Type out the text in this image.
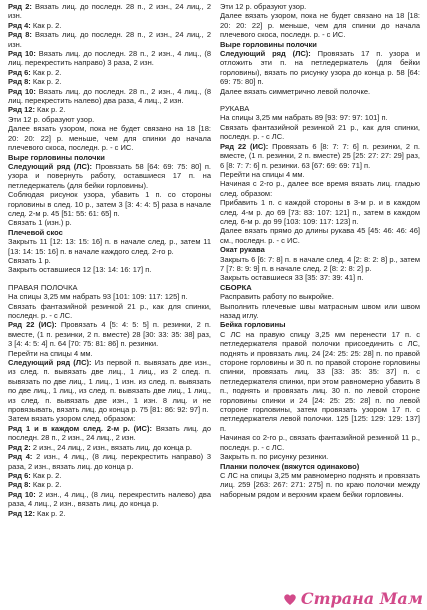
Ряд 2: Вязать лиц. до последн. 28 п., 2 изн., 24 лиц., 2 изн.

Ряд 4: Как р. 2.

Ряд 8: Вязать лиц. до последн. 28 п., 2 изн., 24 лиц., 2 изн.

Ряд 10: Вязать лиц. до последн. 28 п., 2 изн., 4 лиц., (8 лиц. перекрестить направо) 3 раза, 2 изн.

Ряд 6: Как р. 2.

Ряд 8: Как р. 2.

Ряд 10: Вязать лиц. до последн. 28 п., 2 изн., 4 лиц., (8 лиц. перекрестить налево) два раза, 4 лиц., 2 изн.

Ряд 12: Как р. 2.

Эти 12 р. образуют узор.

Далее вязать узором, пока не будет связано на 18 [18: 20: 20: 22] р. меньше, чем для спинки до начала плечевого скоса, последн. р. - с ИС.

Выре горловины полочки

Следующий ряд (ЛС): Провязать 58 [64: 69: 75: 80] п. узора и повернуть работу, оставшиеся 17 п. на петледержатель (для бейки горловины).

Соблюдая рисунок узора, убавить 1 п. со стороны горловины в след. 10 р., затем 3 [3: 4: 4: 5] раза в начале след. 2-м р. 45 [51: 55: 61: 65] п.

Связать 1 (изн.) р.

Плечевой скос

Закрыть 11 [12: 13: 15: 16] п. в начале след. р., затем 11 [13: 14: 15: 16] п. в начале каждого след. 2-го р.

Связать 1 р.

Закрыть оставшиеся 12 [13: 14: 16: 17] п.

ПРАВАЯ ПОЛОЧКА

На спицы 3,25 мм набрать 93 [101: 109: 117: 125] п.

Связать фантазийной резинкой 21 р., как для спинки, последн. р. - с ЛС.

Ряд 22 (ИС): Провязать 4 [5: 4: 5: 5] п. резинки, 2 п. вместе, (1 п. резинки, 2 п. вместе) 28 [30: 33: 35: 38] раз, 3 [4: 4: 5: 4] п. 64 [70: 75: 81: 86] п. резинки.

Перейти на спицы 4 мм.

Следующий ряд (ЛС): Из первой п. вывязать две изн., из след. п. вывязать две лиц., 1 лиц., из 2 след. п. вывязать по две лиц., 1 лиц., 1 изн. из след. п. вывязать по две лиц., 1 лиц., из след. п. вывязать две лиц., 1 лиц., из след. п. вывязать две изн., 1 изн. 8 лиц. и не провязывать, вязать лиц. до конца р. 75 [81: 86: 92: 97] п.

Затем вязать узором след. образом:

Ряд 1 и в каждом след. 2-м р. (ИС): Вязать лиц. до последн. 28 п., 2 изн., 24 лиц., 2 изн.

Ряд 2: 2 изн., 24 лиц., 2 изн., вязать лиц. до конца р.

Ряд 4: 2 изн., 4 лиц., (8 лиц. перекрестить направо) 3 раза, 2 изн., вязать лиц. до конца р.

Ряд 6: Как р. 2.

Ряд 8: Как р. 2.

Ряд 10: 2 изн., 4 лиц., (8 лиц. перекрестить налево) два раза, 4 лиц., 2 изн., вязать лиц. до конца р.

Ряд 12: Как р. 2.

Эти 12 р. образуют узор.

Далее вязать узором, пока не будет связано на 18 [18: 20: 20: 22] р. меньше, чем для спинки до начала плечевого скоса, последн. р. - с ИС.

Выре горловины полочки

Следующий ряд (ЛС): Провязать 17 п. узора и отложить эти п. на петледержатель (для бейки горловины), вязать по рисунку узора до конца р. 58 [64: 69: 75: 80] п.

Далее вязать симметрично левой полочке.

РУКАВА

На спицы 3,25 мм набрать 89 [93: 97: 97: 101] п.

Связать фантазийной резинкой 21 р., как для спинки, последн. р. - с ЛС.

Ряд 22 (ИС): Провязать 6 [8: 7: 7: 6] п. резинки, 2 п. вместе, (1 п. резинки, 2 п. вместе) 25 [25: 27: 27: 29] раз, 6 [8: 7: 7: 6] п. резинки. 63 [67: 69: 69: 71] п.

Перейти на спицы 4 мм.

Начиная с 2-го р., далее все время вязать лиц. гладью след. образом:

Прибавить 1 п. с каждой стороны в 3-м р. и в каждом след. 4-м р. до 69 [73: 83: 107: 121] п., затем в каждом след. 6-м р. до 99 [103: 109: 117: 123] п.

Далее вязать прямо до длины рукава 45 [45: 46: 46: 46] см., последн. р. - с ИС.

Окат рукава

Закрыть 6 [6: 7: 8] п. в начале след. 4 [2: 8: 2: 8] р., затем 7 [7: 8: 9: 9] п. в начале след. 2 [8: 2: 8: 2] р.

Закрыть оставшиеся 33 [35: 37: 39: 41] п.

СБОРКА

Расправить работу по выкройке.

Выполнить плечевые швы матрасным швом или швом назад иглу.

Бейка горловины

С ЛС на правую спицу 3,25 мм перенести 17 п. с петледержателя правой полочки присоединить с ЛС, поднять и провязать лиц. 24 [24: 25: 25: 28] п. по правой стороне горловины и 30 п. по правой стороне горловины спинки, провязать лиц. 33 [33: 35: 35: 37] п. с петледержателя спинки, при этом равномерно убавить 8 п., поднять и провязать лиц. 30 п. по левой стороне горловины спинки и 24 [24: 25: 25: 28] п. по левой стороне горловины, затем провязать узором 17 п. с петледержателя левой полочки. 125 [125: 129: 129: 137] п.

Начиная со 2-го р., связать фантазийной резинкой 11 р., последн. р. - с ЛС.

Закрыть п. по рисунку резинки.

Планки полочек (вяжутся одинаково)

С ЛС на спицы 3,25 мм равномерно поднять и провязать лиц. 259 [263: 267: 271: 275] п. по краю полочки между наборным рядом и верхним краем бейки горловины.

Страна Мам
